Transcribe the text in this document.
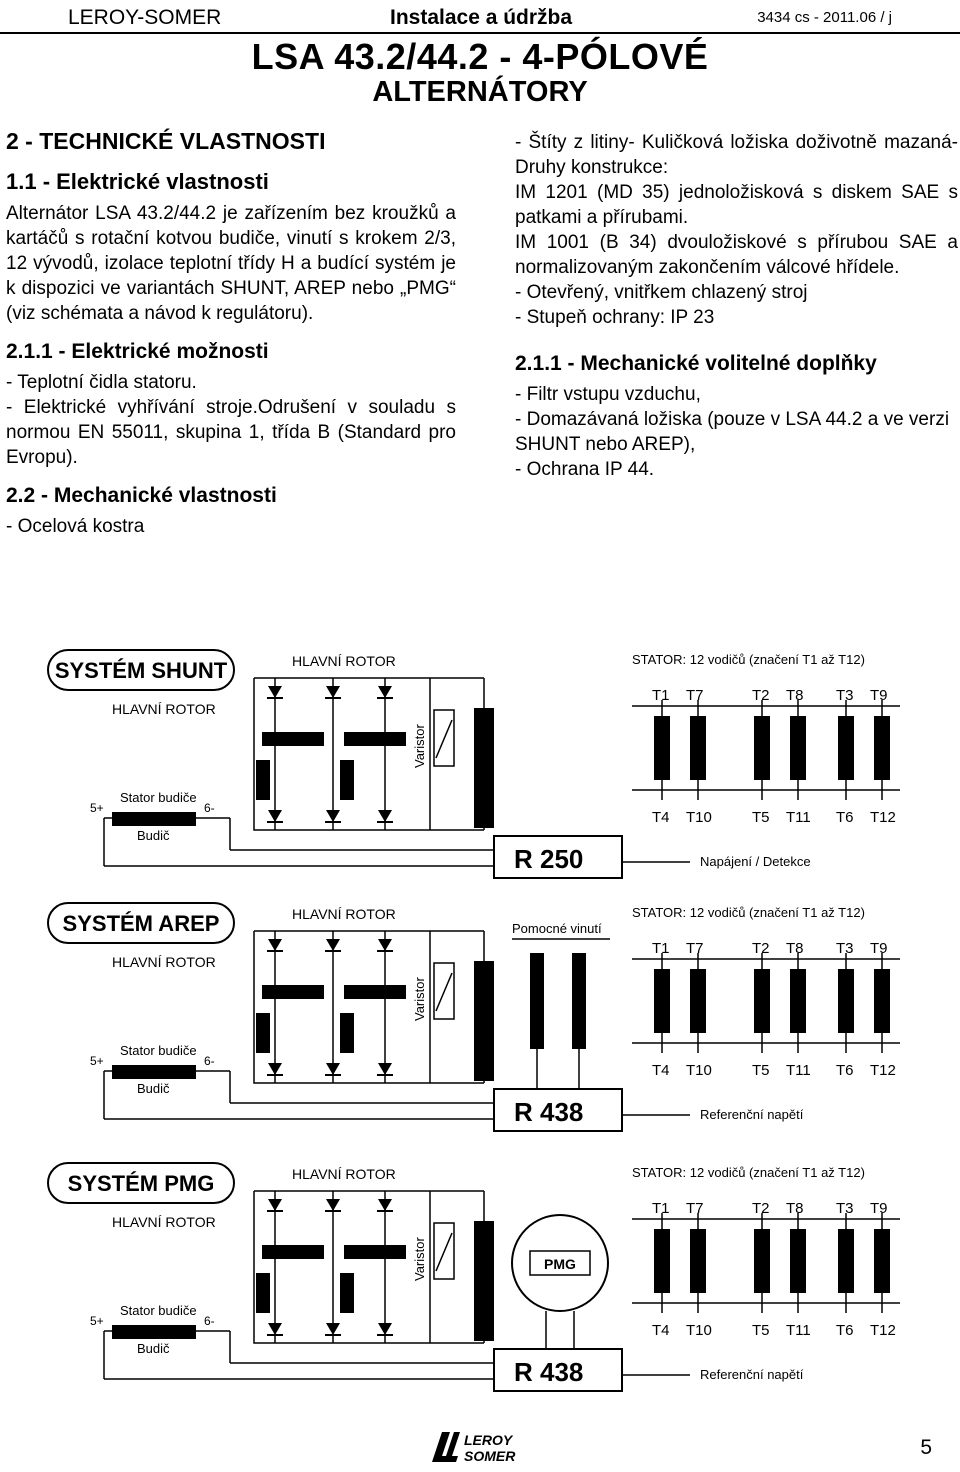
LEROY-SOMER	Instalace a údržba	3434 cs - 2011.06 / j
LSA 43.2/44.2 - 4-PÓLOVÉ
ALTERNÁTORY
2 - TECHNICKÉ VLASTNOSTI
1.1 - Elektrické vlastnosti
Alternátor LSA 43.2/44.2 je zařízením bez kroužků a kartáčů s rotační kotvou budiče, vinutí s krokem 2/3, 12 vývodů, izolace teplotní třídy H a budící systém je k dispozici ve variantách SHUNT, AREP nebo „PMG“ (viz schémata a návod k regulátoru).
2.1.1 - Elektrické možnosti
- Teplotní čidla statoru.
- Elektrické vyhřívání stroje.Odrušení v souladu s normou EN 55011, skupina 1, třída B (Standard pro Evropu).
2.2 - Mechanické vlastnosti
- Ocelová kostra
- Štíty z litiny- Kuličková ložiska doživotně mazaná- Druhy konstrukce:
IM 1201 (MD 35) jednoložisková s diskem SAE s patkami a přírubami.
IM 1001 (B 34) dvouložiskové s přírubou SAE a normalizovaným zakončením válcové hřídele.
- Otevřený, vnitřkem chlazený stroj
- Stupeň ochrany: IP 23
2.1.1 - Mechanické volitelné doplňky
- Filtr vstupu vzduchu,
- Domazávaná ložiska (pouze v LSA 44.2 a ve verzi SHUNT nebo AREP),
- Ochrana IP 44.
SYSTÉM SHUNT
HLAVNÍ ROTOR
HLAVNÍ ROTOR
Varistor
Stator budiče
5+	6-
Budič
R 250
STATOR: 12 vodičů (značení T1 až T12)
T1 T7	T2 T8 T3 T9
T4 T10	T5 T11 T6 T12
Napájení / Detekce
SYSTÉM AREP
HLAVNÍ ROTOR
HLAVNÍ ROTOR
Varistor
Stator budiče
5+	6-
Budič
R 438
STATOR: 12 vodičů (značení T1 až T12)
T1 T7	T2 T8 T3 T9
T4 T10	T5 T11 T6 T12
Referenční napětí
Pomocné vinutí
SYSTÉM PMG
HLAVNÍ ROTOR
HLAVNÍ ROTOR
Varistor
Stator budiče
5+	6-
Budič
R 438
STATOR: 12 vodičů (značení T1 až T12)
T1 T7	T2 T8 T3 T9
T4 T10	T5 T11 T6 T12
Referenční napětí
PMG
LEROY
SOMER	5
